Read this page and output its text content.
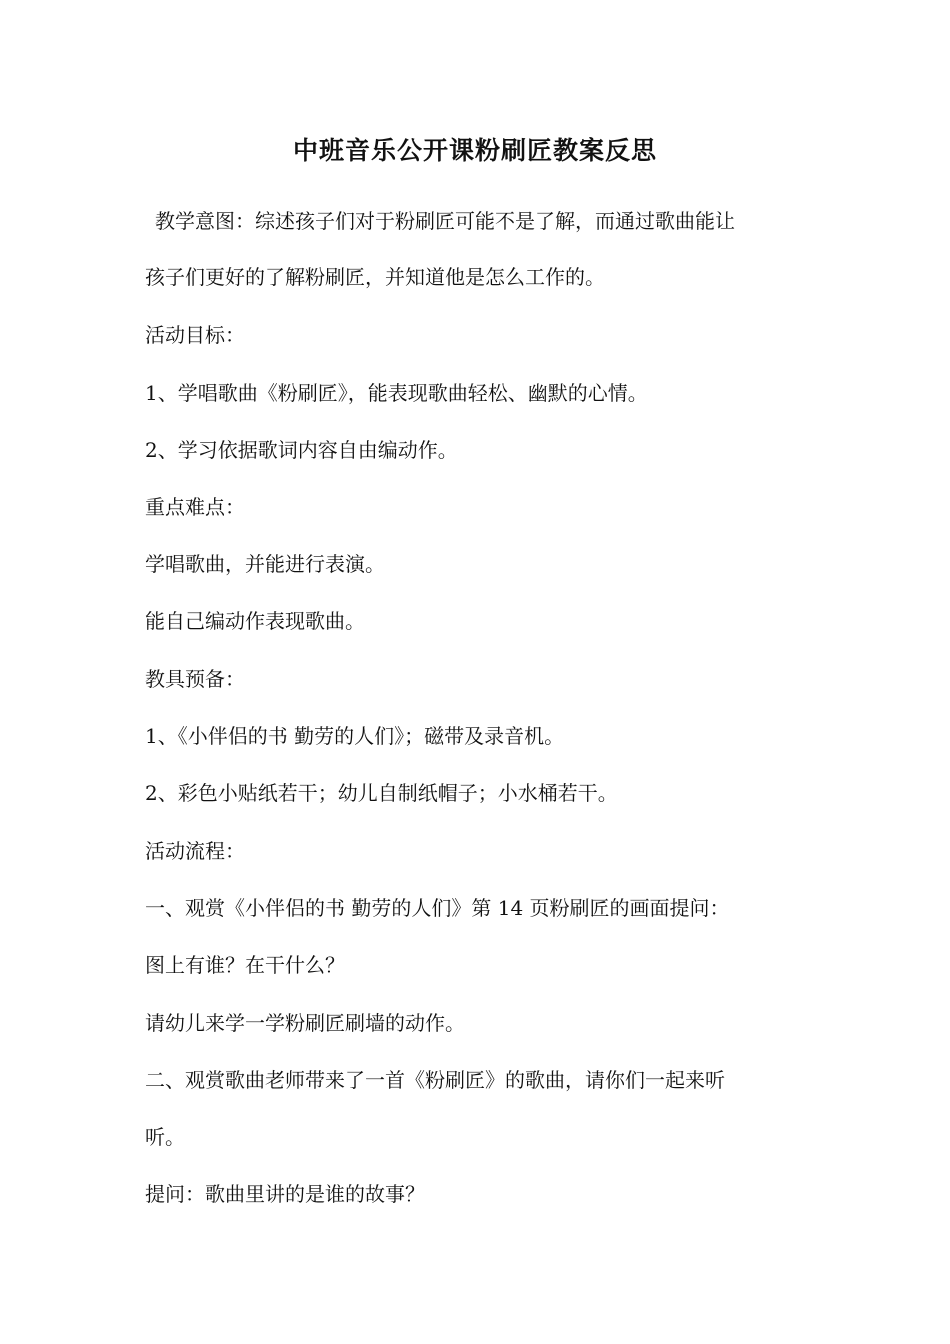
中班音乐公开课粉刷匠教案反思
教学意图：综述孩子们对于粉刷匠可能不是了解，而通过歌曲能让
孩子们更好的了解粉刷匠，并知道他是怎么工作的。
活动目标：
1、学唱歌曲《粉刷匠》，能表现歌曲轻松、幽默的心情。
2、学习依据歌词内容自由编动作。
重点难点：
学唱歌曲，并能进行表演。
能自己编动作表现歌曲。
教具预备：
1、《小伴侣的书 勤劳的人们》；磁带及录音机。
2、彩色小贴纸若干；幼儿自制纸帽子；小水桶若干。
活动流程：
一、观赏《小伴侣的书 勤劳的人们》第 14 页粉刷匠的画面提问：
图上有谁？在干什么？
请幼儿来学一学粉刷匠刷墙的动作。
二、观赏歌曲老师带来了一首《粉刷匠》的歌曲，请你们一起来听
听。
提问：歌曲里讲的是谁的故事？
